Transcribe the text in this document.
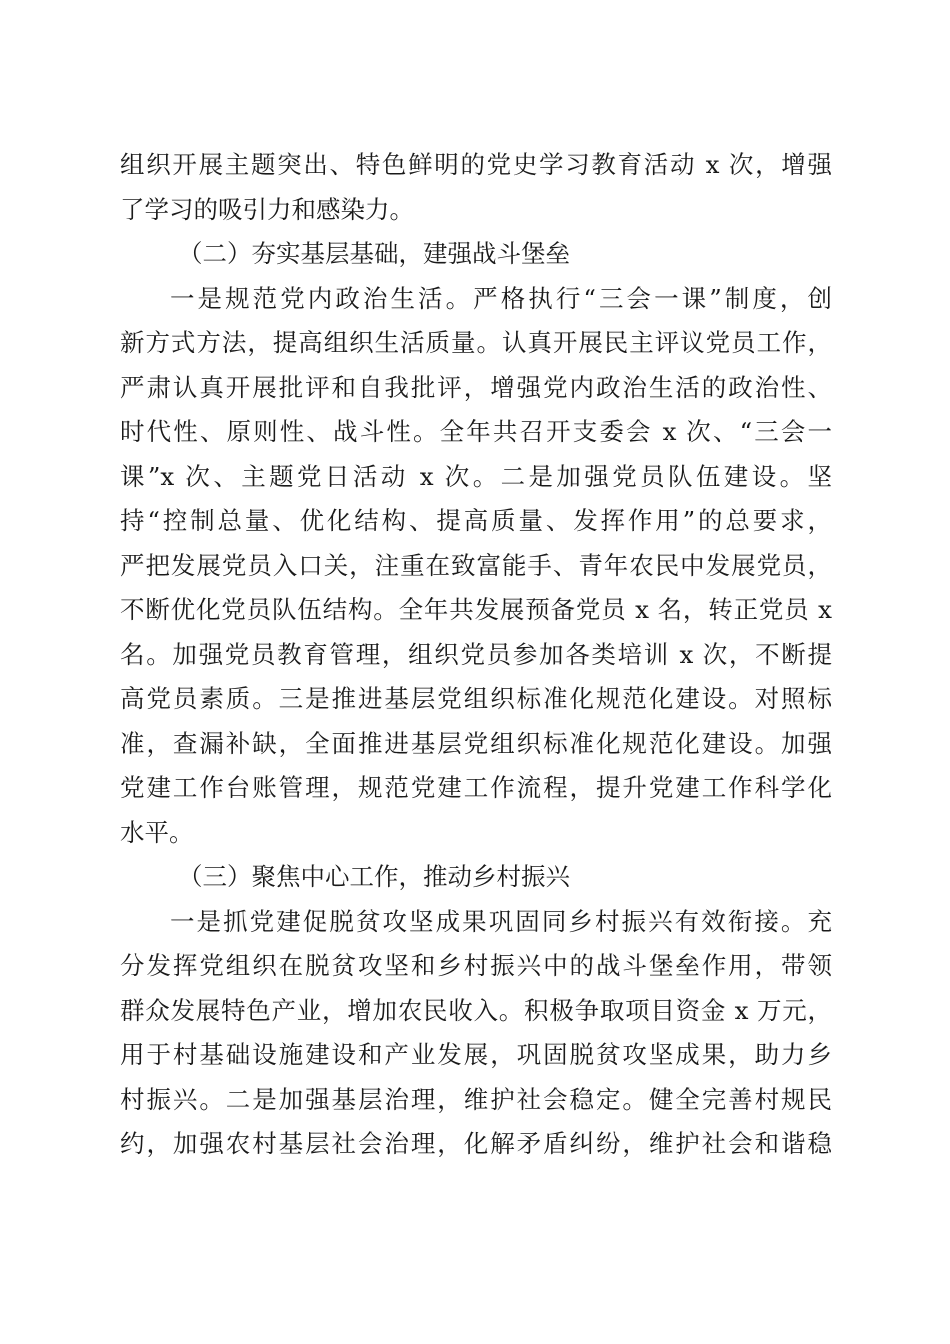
组织开展主题突出、特色鲜明的党史学习教育活动 x 次，增强
了学习的吸引力和感染力。
（二）夯实基层基础，建强战斗堡垒
一是规范党内政治生活。严格执行“三会一课”制度，创
新方式方法，提高组织生活质量。认真开展民主评议党员工作，
严肃认真开展批评和自我批评，增强党内政治生活的政治性、
时代性、原则性、战斗性。全年共召开支委会 x 次、“三会一
课”x 次、主题党日活动 x 次。二是加强党员队伍建设。坚
持“控制总量、优化结构、提高质量、发挥作用”的总要求，
严把发展党员入口关，注重在致富能手、青年农民中发展党员，
不断优化党员队伍结构。全年共发展预备党员 x 名，转正党员 x
名。加强党员教育管理，组织党员参加各类培训 x 次，不断提
高党员素质。三是推进基层党组织标准化规范化建设。对照标
准，查漏补缺，全面推进基层党组织标准化规范化建设。加强
党建工作台账管理，规范党建工作流程，提升党建工作科学化
水平。
（三）聚焦中心工作，推动乡村振兴
一是抓党建促脱贫攻坚成果巩固同乡村振兴有效衔接。充
分发挥党组织在脱贫攻坚和乡村振兴中的战斗堡垒作用，带领
群众发展特色产业，增加农民收入。积极争取项目资金 x 万元，
用于村基础设施建设和产业发展，巩固脱贫攻坚成果，助力乡
村振兴。二是加强基层治理，维护社会稳定。健全完善村规民
约，加强农村基层社会治理，化解矛盾纠纷，维护社会和谐稳
